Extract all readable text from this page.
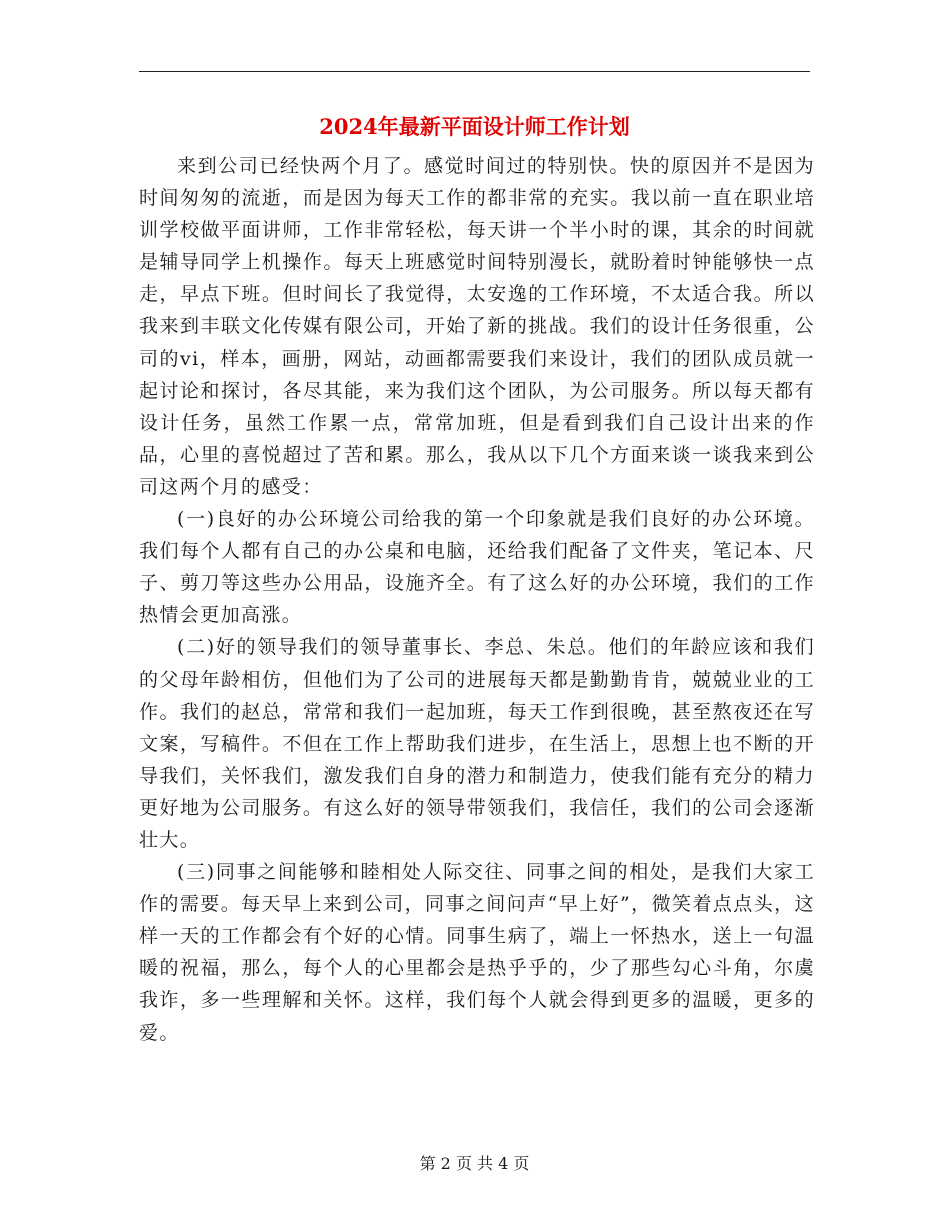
2024年最新平面设计师工作计划

来到公司已经快两个月了。感觉时间过的特别快。快的原因并不是因为时间匆匆的流逝，而是因为每天工作的都非常的充实。我以前一直在职业培训学校做平面讲师，工作非常轻松，每天讲一个半小时的课，其余的时间就是辅导同学上机操作。每天上班感觉时间特别漫长，就盼着时钟能够快一点走，早点下班。但时间长了我觉得，太安逸的工作环境，不太适合我。所以我来到丰联文化传媒有限公司，开始了新的挑战。我们的设计任务很重，公司的vi，样本，画册，网站，动画都需要我们来设计，我们的团队成员就一起讨论和探讨，各尽其能，来为我们这个团队，为公司服务。所以每天都有设计任务，虽然工作累一点，常常加班，但是看到我们自己设计出来的作品，心里的喜悦超过了苦和累。那么，我从以下几个方面来谈一谈我来到公司这两个月的感受：

(一)良好的办公环境公司给我的第一个印象就是我们良好的办公环境。我们每个人都有自己的办公桌和电脑，还给我们配备了文件夹，笔记本、尺子、剪刀等这些办公用品，设施齐全。有了这么好的办公环境，我们的工作热情会更加高涨。

(二)好的领导我们的领导董事长、李总、朱总。他们的年龄应该和我们的父母年龄相仿，但他们为了公司的进展每天都是勤勤肯肯，兢兢业业的工作。我们的赵总，常常和我们一起加班，每天工作到很晚，甚至熬夜还在写文案，写稿件。不但在工作上帮助我们进步，在生活上，思想上也不断的开导我们，关怀我们，激发我们自身的潜力和制造力，使我们能有充分的精力更好地为公司服务。有这么好的领导带领我们，我信任，我们的公司会逐渐壮大。

(三)同事之间能够和睦相处人际交往、同事之间的相处，是我们大家工作的需要。每天早上来到公司，同事之间问声“早上好”，微笑着点点头，这样一天的工作都会有个好的心情。同事生病了，端上一怀热水，送上一句温暖的祝福，那么，每个人的心里都会是热乎乎的，少了那些勾心斗角，尔虞我诈，多一些理解和关怀。这样，我们每个人就会得到更多的温暖，更多的爱。

第 2 页 共 4 页
